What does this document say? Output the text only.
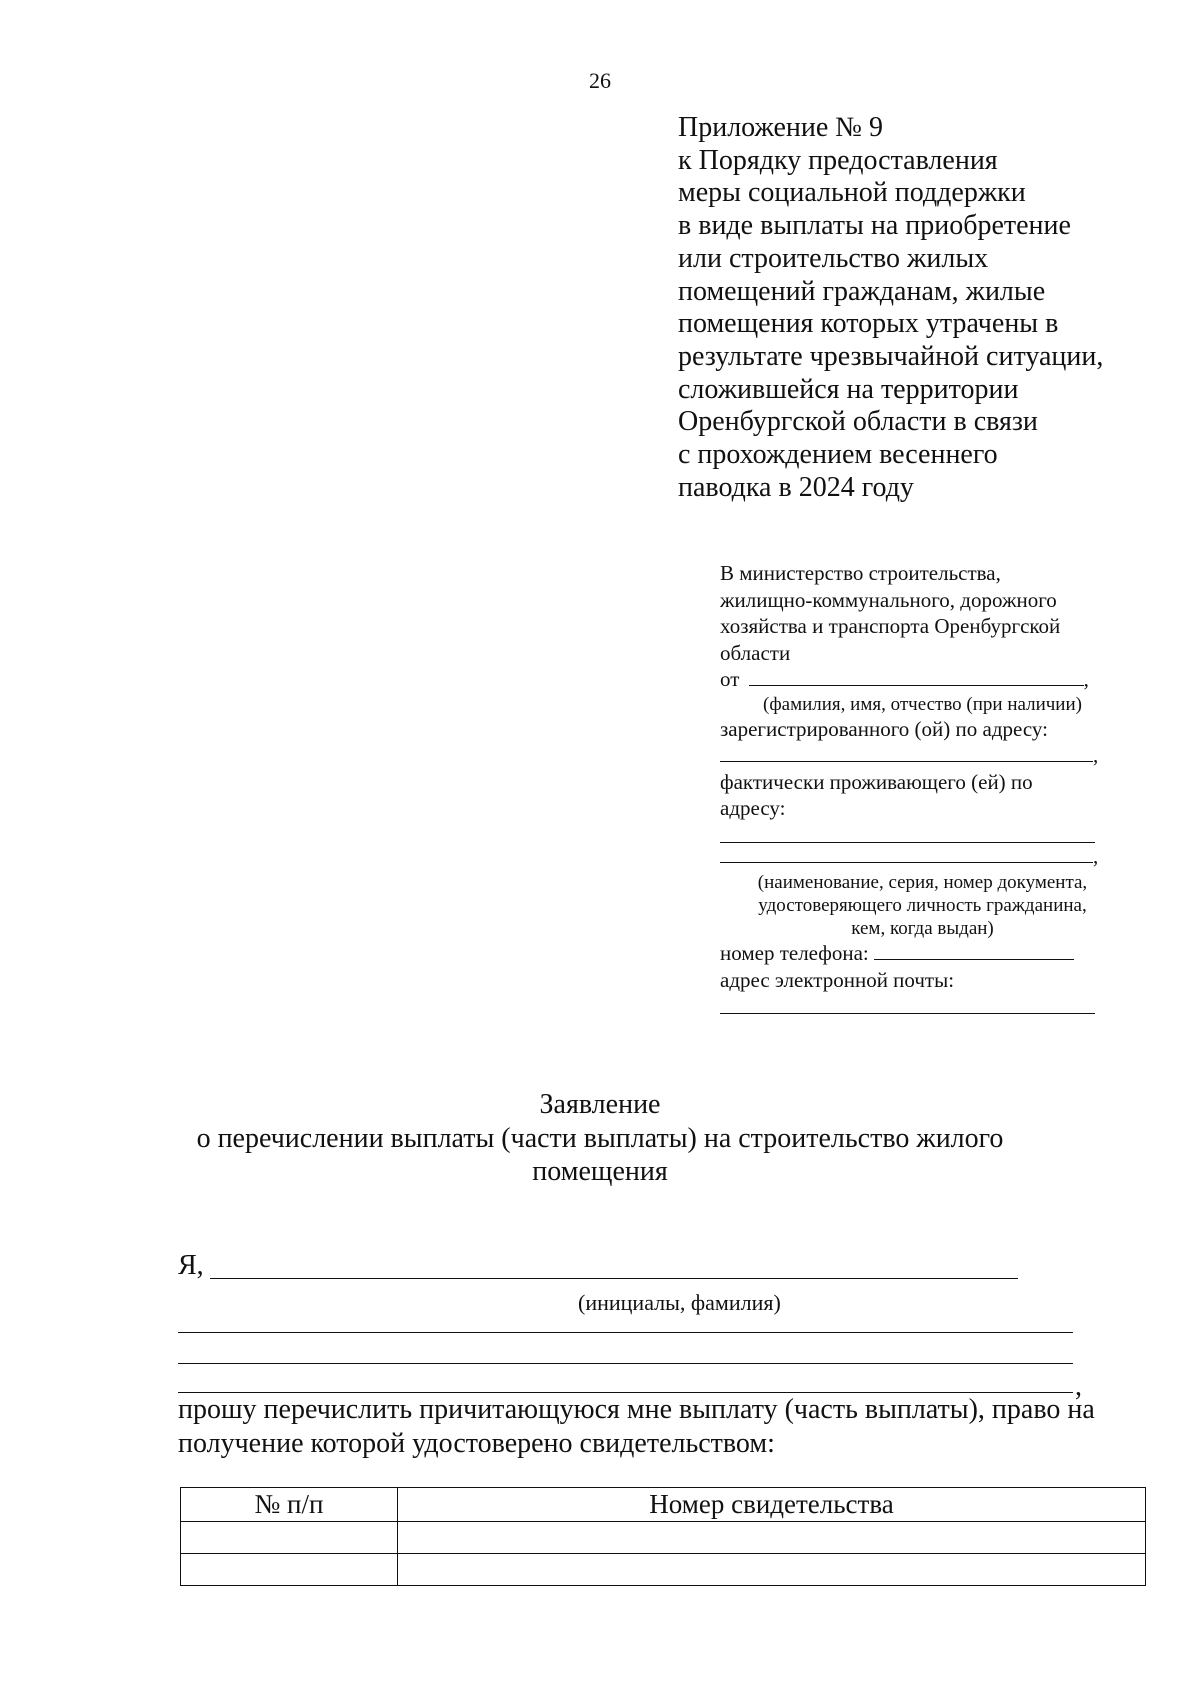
26
Приложение № 9
к Порядку предоставления
меры социальной поддержки
в виде выплаты на приобретение
или строительство жилых
помещений гражданам, жилые
помещения которых утрачены в
результате чрезвычайной ситуации,
сложившейся на территории
Оренбургской области в связи
с прохождением весеннего
паводка в 2024 году
В министерство строительства,
жилищно-коммунального, дорожного
хозяйства и транспорта Оренбургской
области
от	,
(фамилия, имя, отчество (при наличии)
зарегистрированного (ой) по адресу:
,
фактически проживающего (ей) по
адресу:
,
(наименование, серия, номер документа,
удостоверяющего личность гражданина,
кем, когда выдан)
номер телефона:
адрес электронной почты:
Заявление
о перечислении выплаты (части выплаты) на строительство жилого
помещения
Я,
(инициалы, фамилия)
,
прошу перечислить причитающуюся мне выплату (часть выплаты), право на получение которой удостоверено свидетельством:
№ п/п	Номер свидетельства
